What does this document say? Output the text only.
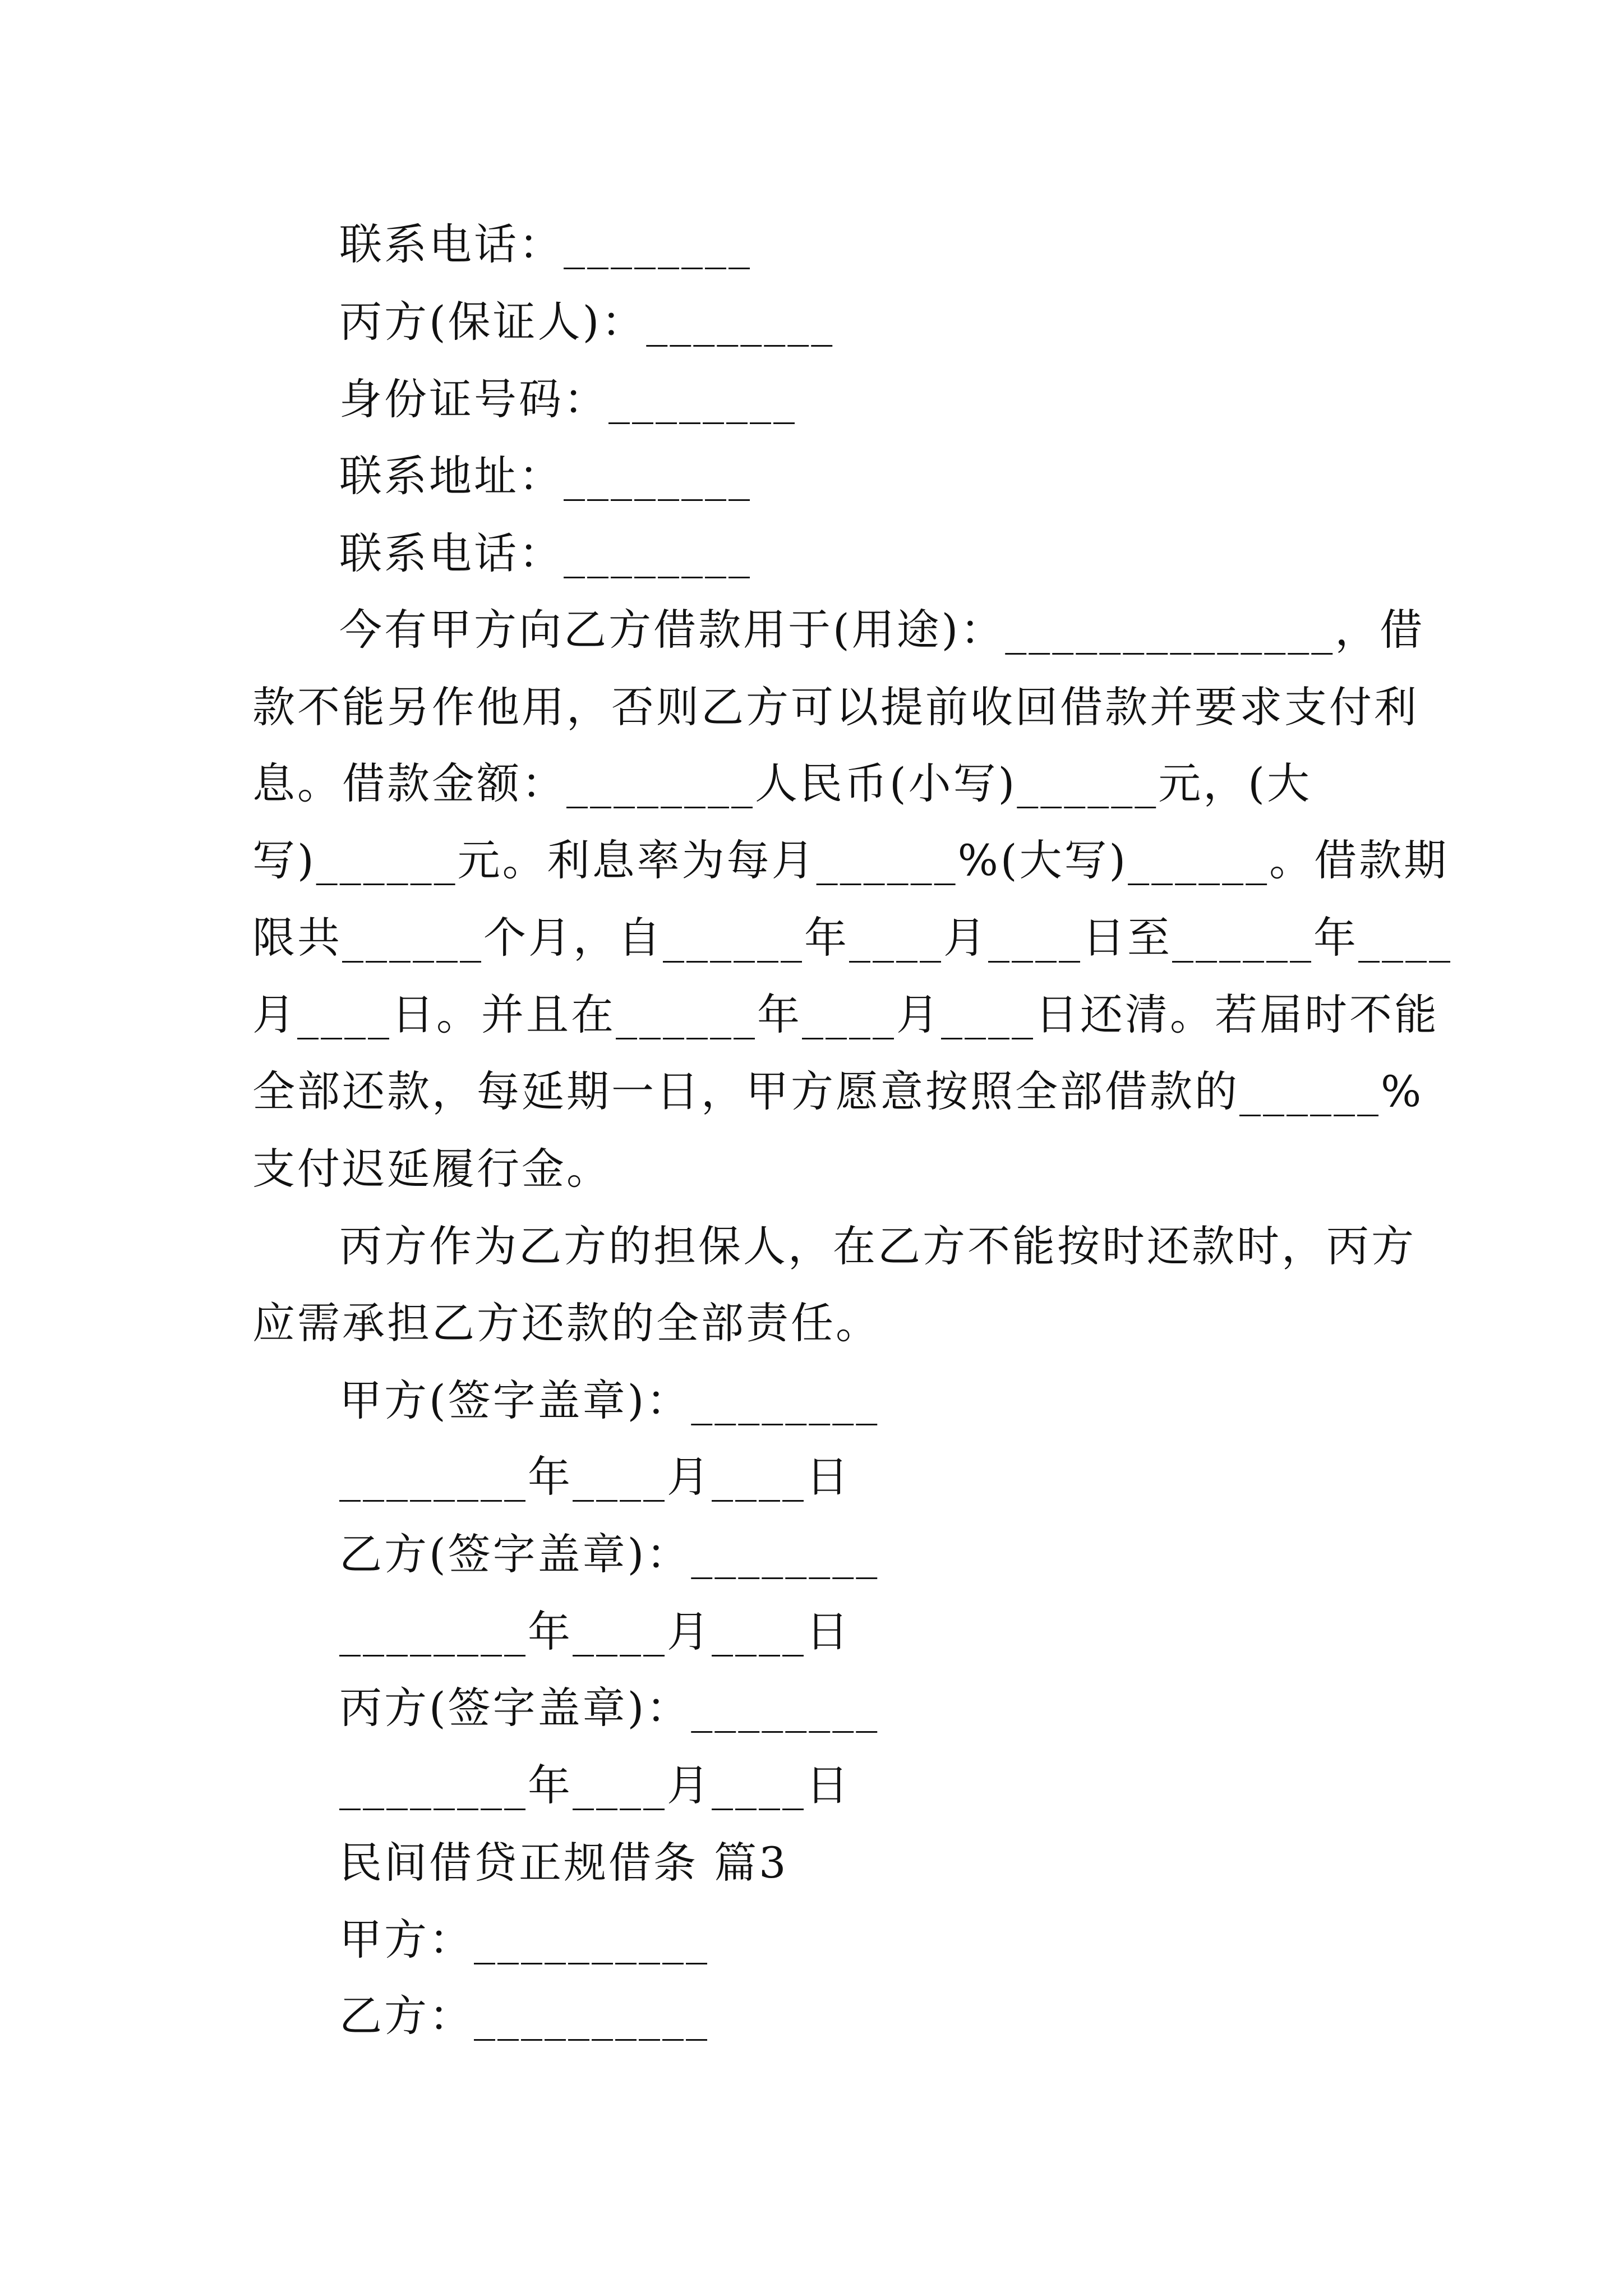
联系电话：________
丙方(保证人)：________
身份证号码：________
联系地址：________
联系电话：________
今有甲方向乙方借款用于(用途)：______________，借
款不能另作他用，否则乙方可以提前收回借款并要求支付利
息。借款金额：________人民币(小写)______元，(大
写)______元。利息率为每月______%(大写)______。借款期
限共______个月，自______年____月____日至______年____
月____日。并且在______年____月____日还清。若届时不能
全部还款，每延期一日，甲方愿意按照全部借款的______%
支付迟延履行金。
丙方作为乙方的担保人，在乙方不能按时还款时，丙方
应需承担乙方还款的全部责任。
甲方(签字盖章)：________
________年____月____日
乙方(签字盖章)：________
________年____月____日
丙方(签字盖章)：________
________年____月____日
民间借贷正规借条 篇3
甲方：__________
乙方：__________
